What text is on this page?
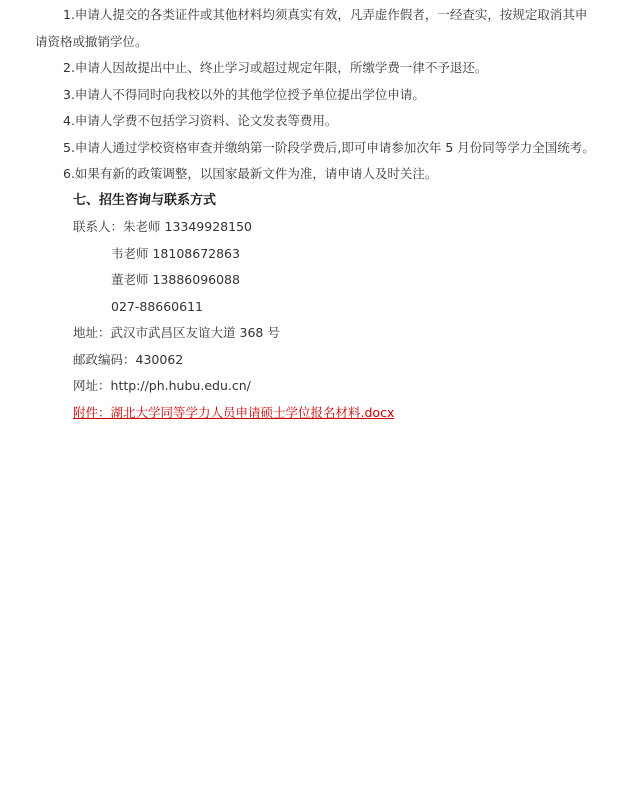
1.申请人提交的各类证件或其他材料均须真实有效，凡弄虚作假者，一经查实，按规定取消其申
请资格或撤销学位。
2.申请人因故提出中止、终止学习或超过规定年限，所缴学费一律不予退还。
3.申请人不得同时向我校以外的其他学位授予单位提出学位申请。
4.申请人学费不包括学习资料、论文发表等费用。
5.申请人通过学校资格审查并缴纳第一阶段学费后,即可申请参加次年 5 月份同等学力全国统考。
6.如果有新的政策调整，以国家最新文件为准，请申请人及时关注。
七、招生咨询与联系方式
联系人：朱老师 13349928150
韦老师 18108672863
董老师 13886096088
027-88660611
地址：武汉市武昌区友谊大道 368 号
邮政编码：430062
网址：http://ph.hubu.edu.cn/
附件：湖北大学同等学力人员申请硕士学位报名材料.docx
